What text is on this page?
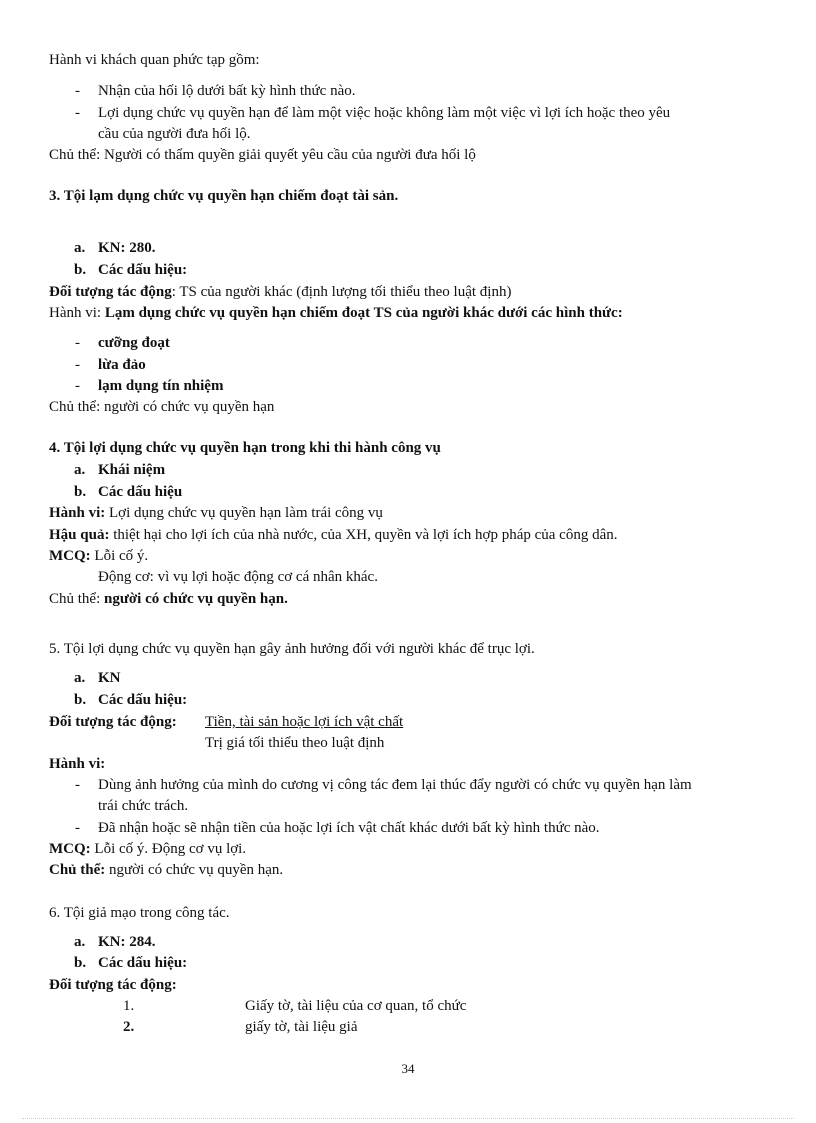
Hành vi khách quan phức tạp gồm:
- Nhận của hối lộ dưới bất kỳ hình thức nào.
- Lợi dụng chức vụ quyền hạn để làm một việc hoặc không làm một việc vì lợi ích hoặc theo yêu
cầu của người đưa hối lộ.
Chủ thể: Người có thẩm quyền giải quyết yêu cầu của người đưa hối lộ
3. Tội lạm dụng chức vụ quyền hạn chiếm đoạt tài sản.
a. KN: 280.
b. Các dấu hiệu:
Đối tượng tác động: TS của người khác (định lượng tối thiểu theo luật định)
Hành vi: Lạm dụng chức vụ quyền hạn chiếm đoạt TS của người khác dưới các hình thức:
- cưỡng đoạt
- lừa đảo
- lạm dụng tín nhiệm
Chủ thể: người có chức vụ quyền hạn
4. Tội lợi dụng chức vụ quyền hạn trong khi thi hành công vụ
a. Khái niệm
b. Các dấu hiệu
Hành vi: Lợi dụng chức vụ quyền hạn làm trái công vụ
Hậu quả: thiệt hại cho lợi ích của nhà nước, của XH, quyền và lợi ích hợp pháp của công dân.
MCQ: Lỗi cố ý.
Động cơ: vì vụ lợi hoặc động cơ cá nhân khác.
Chủ thể: người có chức vụ quyền hạn.
5. Tội lợi dụng chức vụ quyền hạn gây ảnh hưởng đối với người khác để trục lợi.
a. KN
b. Các dấu hiệu:
Đối tượng tác động: Tiền, tài sản hoặc lợi ích vật chất
Trị giá tối thiểu theo luật định
Hành vi:
- Dùng ảnh hưởng của mình do cương vị công tác đem lại thúc đẩy người có chức vụ quyền hạn làm
trái chức trách.
- Đã nhận hoặc sẽ nhận tiền của hoặc lợi ích vật chất khác dưới bất kỳ hình thức nào.
MCQ: Lỗi cố ý. Động cơ vụ lợi.
Chủ thể: người có chức vụ quyền hạn.
6. Tội giả mạo trong công tác.
a. KN: 284.
b. Các dấu hiệu:
Đối tượng tác động:
1.	Giấy tờ, tài liệu của cơ quan, tổ chức
2.	giấy tờ, tài liệu giả
34
